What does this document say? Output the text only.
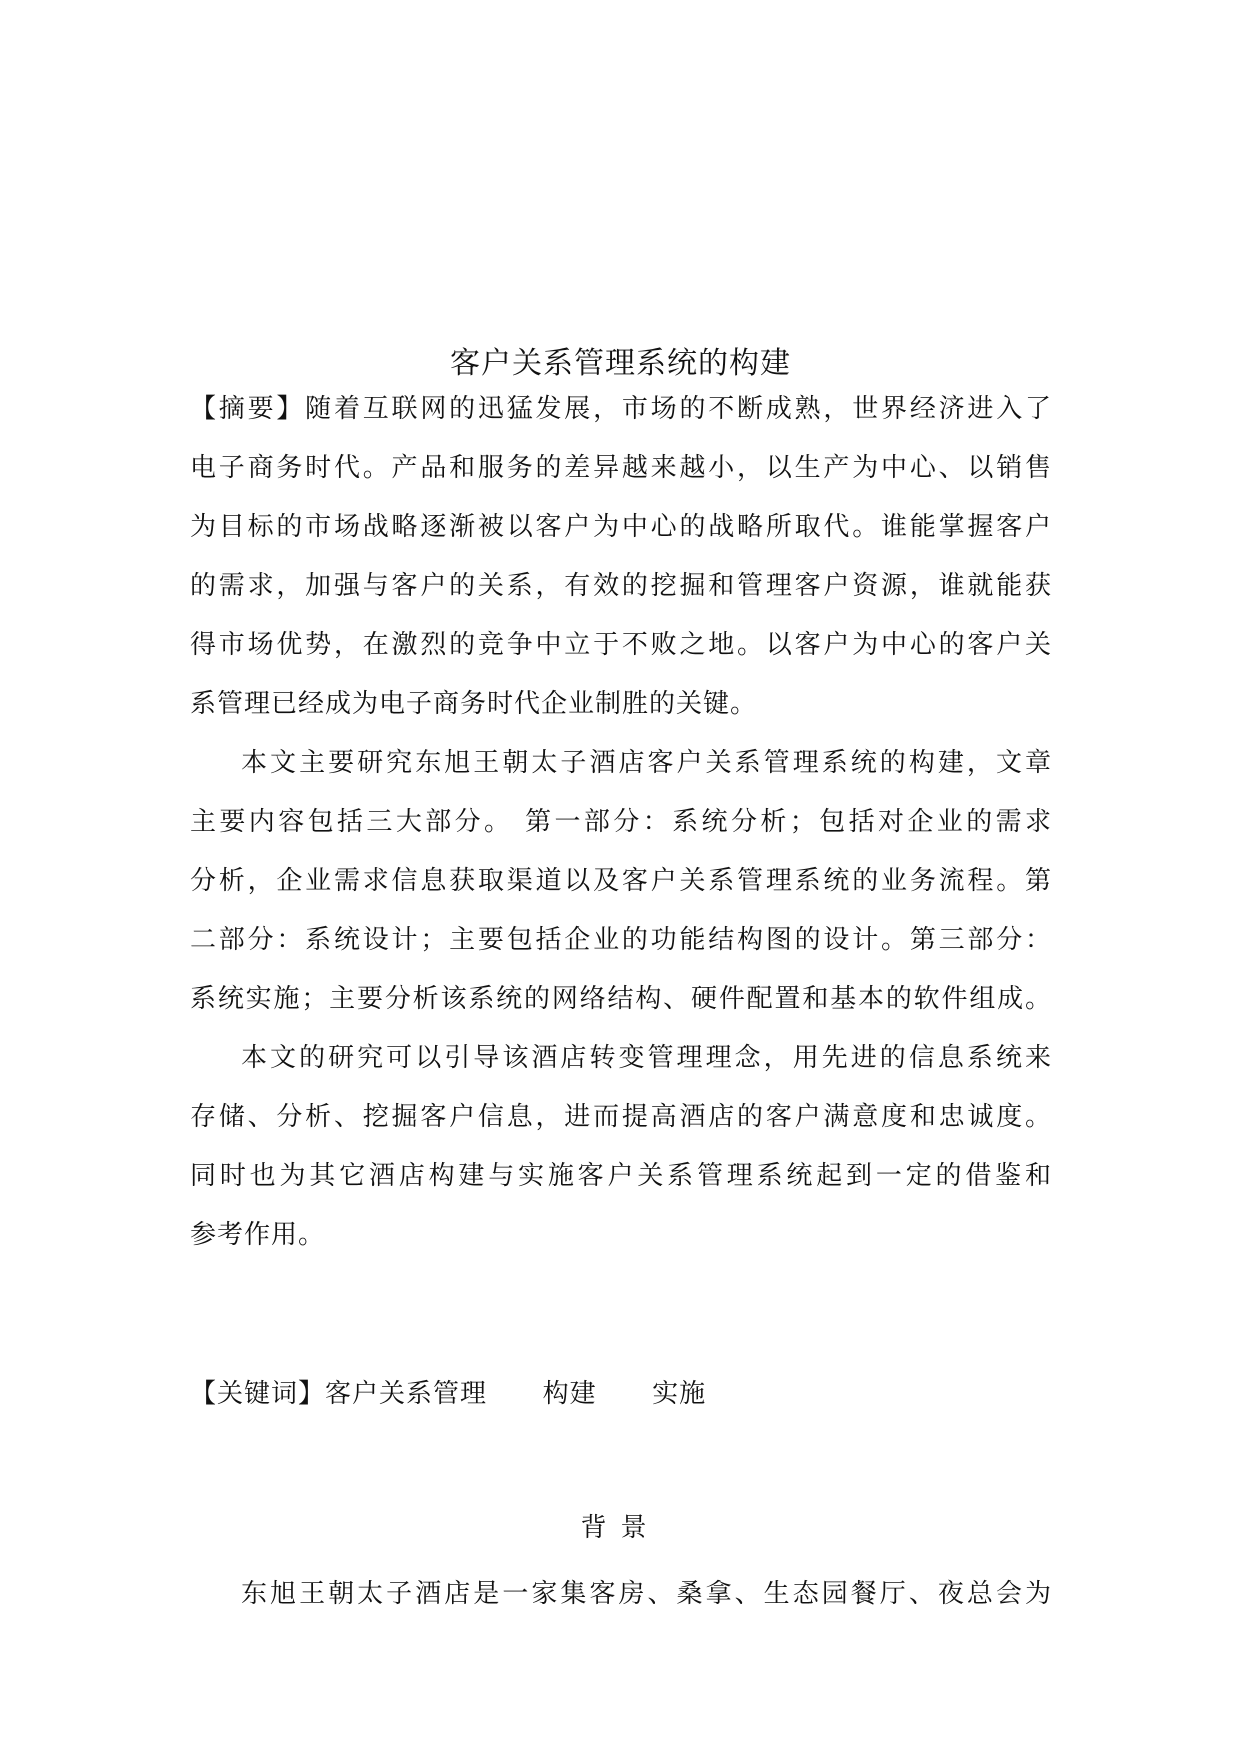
客户关系管理系统的构建
【摘要】随着互联网的迅猛发展，市场的不断成熟，世界经济进入了
电子商务时代。产品和服务的差异越来越小，以生产为中心、以销售
为目标的市场战略逐渐被以客户为中心的战略所取代。谁能掌握客户
的需求，加强与客户的关系，有效的挖掘和管理客户资源，谁就能获
得市场优势，在激烈的竞争中立于不败之地。以客户为中心的客户关
系管理已经成为电子商务时代企业制胜的关键。
本文主要研究东旭王朝太子酒店客户关系管理系统的构建，文章
主要内容包括三大部分。 第一部分：系统分析；包括对企业的需求
分析，企业需求信息获取渠道以及客户关系管理系统的业务流程。第
二部分：系统设计；主要包括企业的功能结构图的设计。第三部分：
系统实施；主要分析该系统的网络结构、硬件配置和基本的软件组成。
本文的研究可以引导该酒店转变管理理念，用先进的信息系统来
存储、分析、挖掘客户信息，进而提高酒店的客户满意度和忠诚度。
同时也为其它酒店构建与实施客户关系管理系统起到一定的借鉴和
参考作用。
【关键词】客户关系管理      构建      实施
背景
东旭王朝太子酒店是一家集客房、桑拿、生态园餐厅、夜总会为
